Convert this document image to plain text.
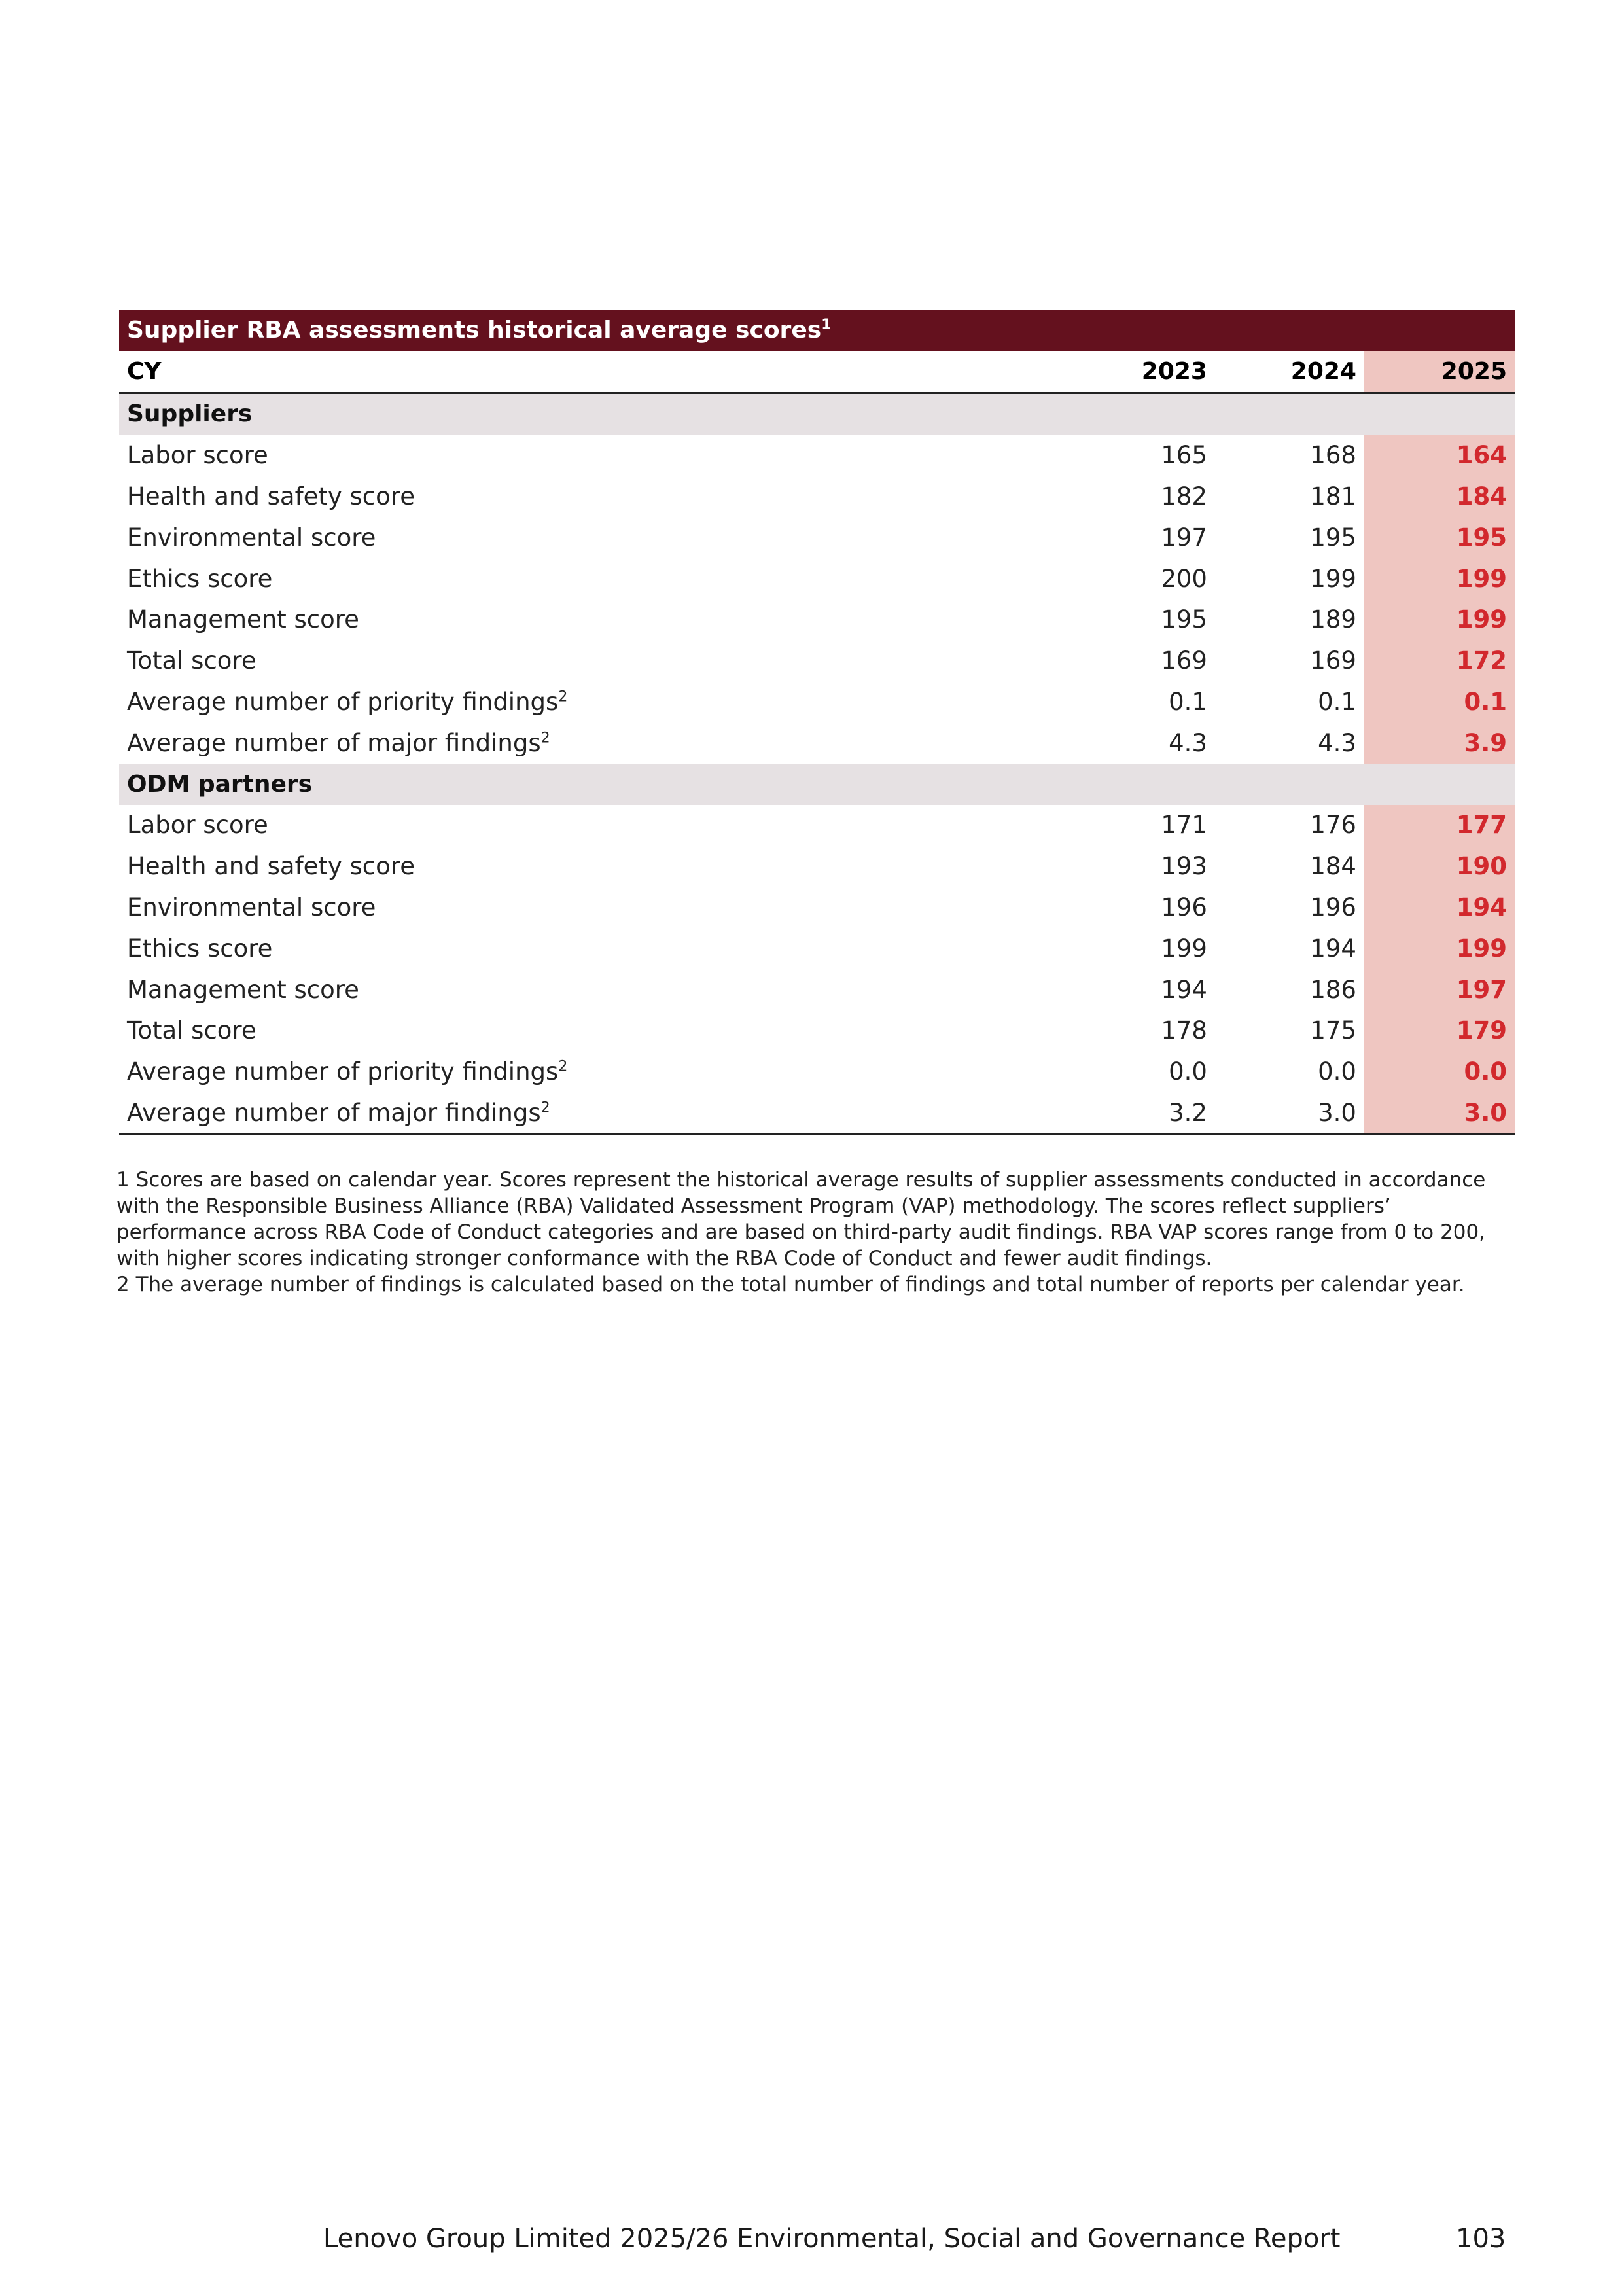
Supplier RBA assessments historical average scores$^1$
CY	2023	2024	2025
Suppliers			
Labor score	165	168	164
Health and safety score	182	181	184
Environmental score	197	195	195
Ethics score	200	199	199
Management score	195	189	199
Total score	169	169	172
Average number of priority findings$^2$	0.1	0.1	0.1
Average number of major findings$^2$	4.3	4.3	3.9
ODM partners			
Labor score	171	176	177
Health and safety score	193	184	190
Environmental score	196	196	194
Ethics score	199	194	199
Management score	194	186	197
Total score	178	175	179
Average number of priority findings$^2$	0.0	0.0	0.0
Average number of major findings$^2$	3.2	3.0	3.0

1 Scores are based on calendar year. Scores represent the historical average results of supplier assessments conducted in accordance with the Responsible Business Alliance (RBA) Validated Assessment Program (VAP) methodology. The scores reflect suppliers’ performance across RBA Code of Conduct categories and are based on third-party audit findings. RBA VAP scores range from 0 to 200, with higher scores indicating stronger conformance with the RBA Code of Conduct and fewer audit findings.

2 The average number of findings is calculated based on the total number of findings and total number of reports per calendar year.

Lenovo Group Limited 2025/26 Environmental, Social and Governance Report	103
